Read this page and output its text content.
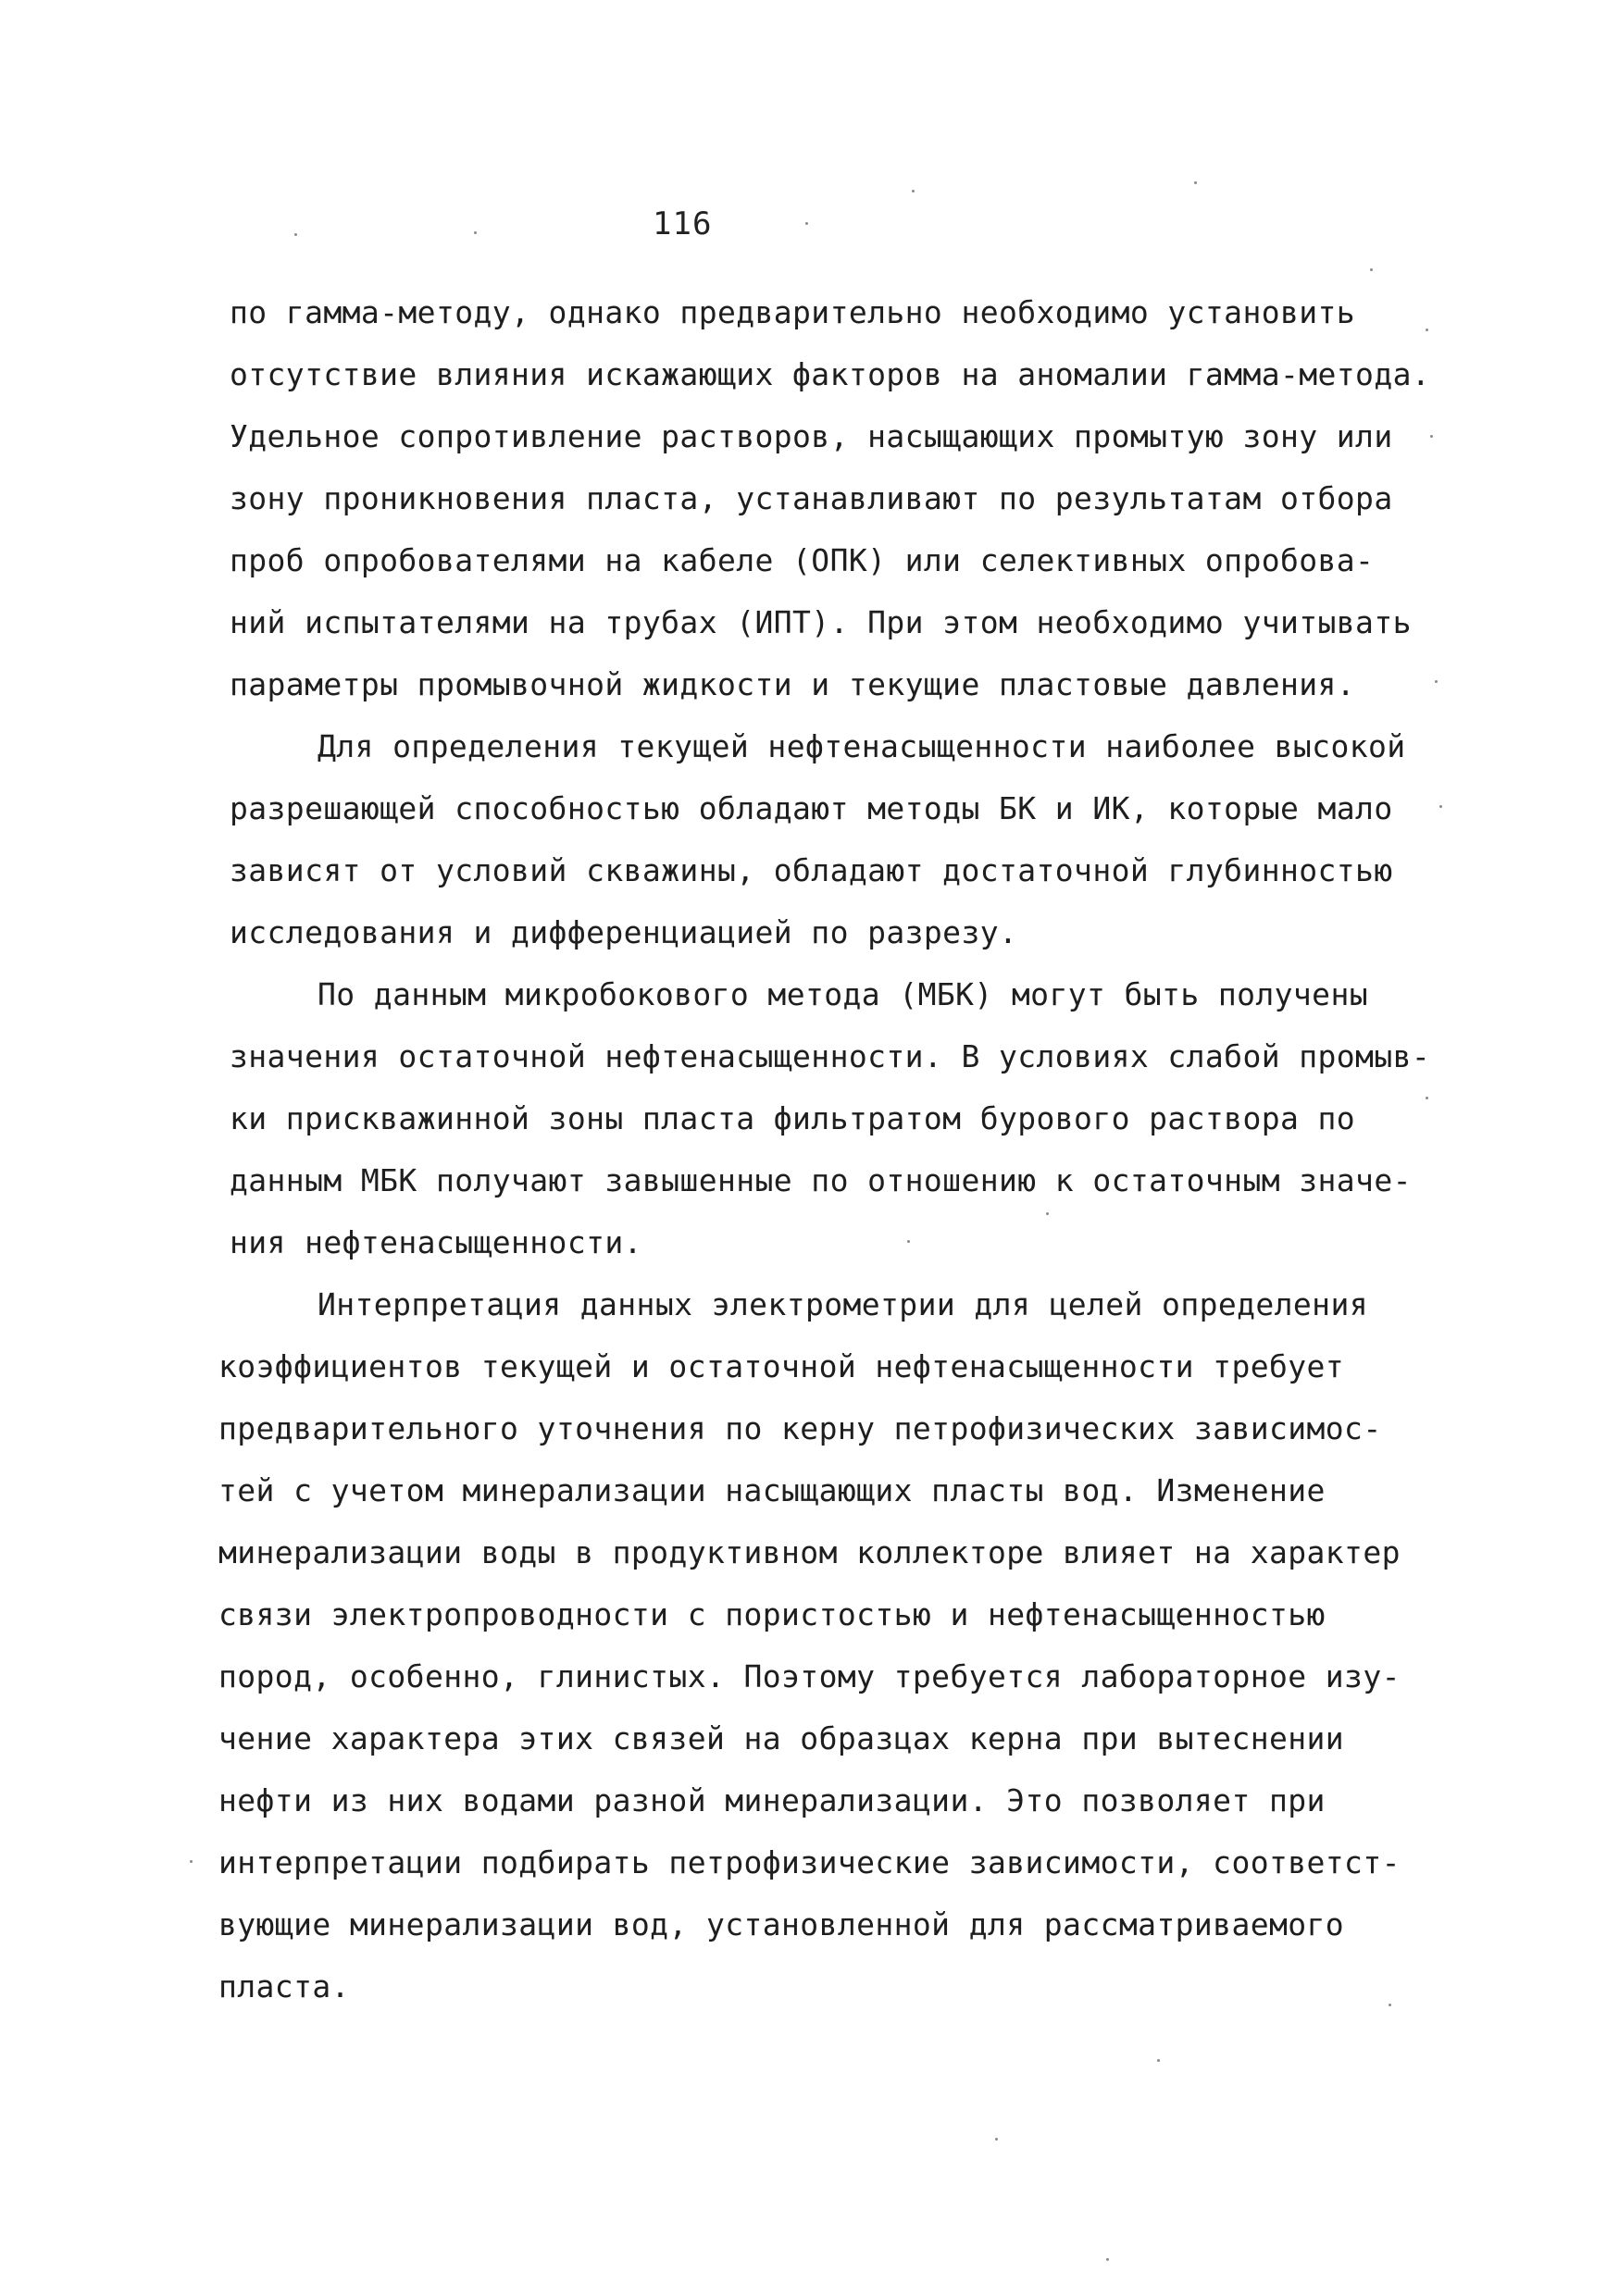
116
по гамма-методу, однако предварительно необходимо установить
отсутствие влияния искажающих факторов на аномалии гамма-метода.
Удельное сопротивление растворов, насыщающих промытую зону или
зону проникновения пласта, устанавливают по результатам отбора
проб опробователями на кабеле (ОПК) или селективных опробова-
ний испытателями на трубах (ИПТ). При этом необходимо учитывать
параметры промывочной жидкости и текущие пластовые давления.
Для определения текущей нефтенасыщенности наиболее высокой
разрешающей способностью обладают методы БК и ИК, которые мало
зависят от условий скважины, обладают достаточной глубинностью
исследования и дифференциацией по разрезу.
По данным микробокового метода (МБК) могут быть получены
значения остаточной нефтенасыщенности. В условиях слабой промыв-
ки прискважинной зоны пласта фильтратом бурового раствора по
данным МБК получают завышенные по отношению к остаточным значе-
ния нефтенасыщенности.
Интерпретация данных электрометрии для целей определения
коэффициентов текущей и остаточной нефтенасыщенности требует
предварительного уточнения по керну петрофизических зависимос-
тей с учетом минерализации насыщающих пласты вод. Изменение
минерализации воды в продуктивном коллекторе влияет на характер
связи электропроводности с пористостью и нефтенасыщенностью
пород, особенно, глинистых. Поэтому требуется лабораторное изу-
чение характера этих связей на образцах керна при вытеснении
нефти из них водами разной минерализации. Это позволяет при
интерпретации подбирать петрофизические зависимости, соответст-
вующие минерализации вод, установленной для рассматриваемого
пласта.
